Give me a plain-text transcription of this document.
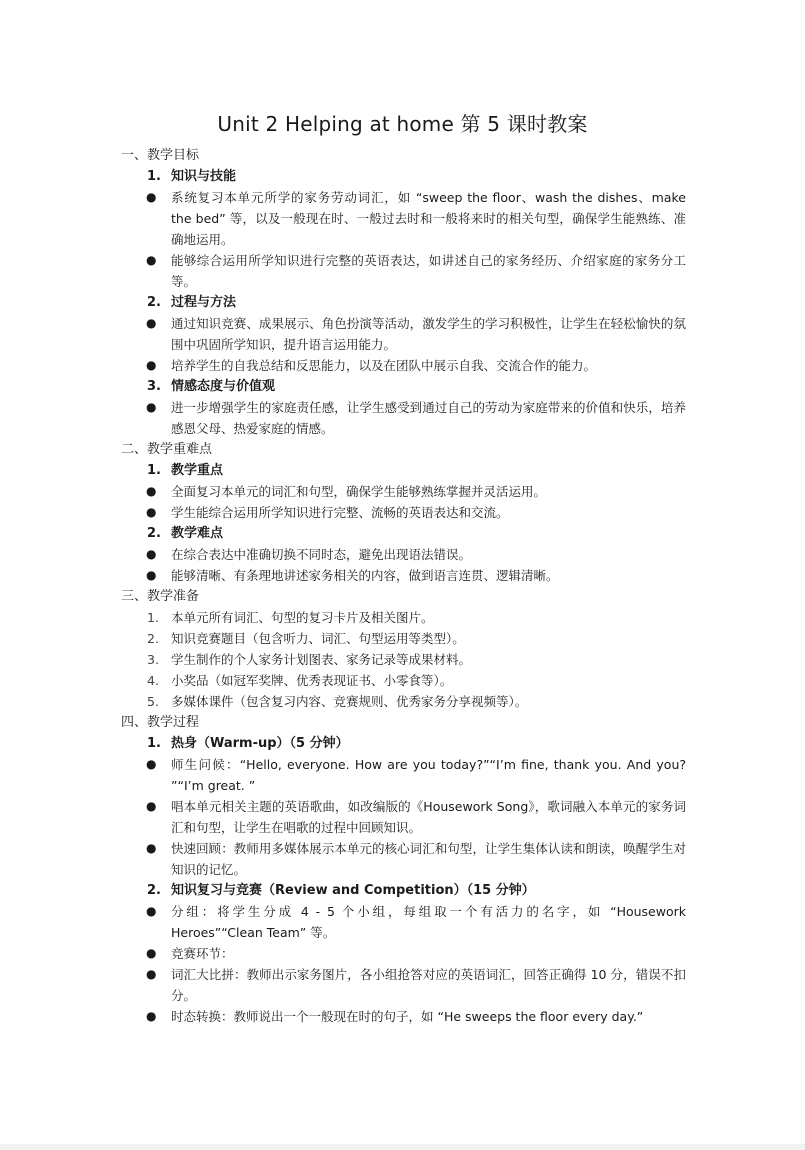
Unit 2 Helping at home 第 5 课时教案
一、教学目标
1. 知识与技能
● 系统复习本单元所学的家务劳动词汇，如 “sweep the floor、wash the dishes、make the bed” 等，以及一般现在时、一般过去时和一般将来时的相关句型，确保学生能熟练、准确地运用。
● 能够综合运用所学知识进行完整的英语表达，如讲述自己的家务经历、介绍家庭的家务分工等。
2. 过程与方法
● 通过知识竞赛、成果展示、角色扮演等活动，激发学生的学习积极性，让学生在轻松愉快的氛围中巩固所学知识，提升语言运用能力。
● 培养学生的自我总结和反思能力，以及在团队中展示自我、交流合作的能力。
3. 情感态度与价值观
● 进一步增强学生的家庭责任感，让学生感受到通过自己的劳动为家庭带来的价值和快乐，培养感恩父母、热爱家庭的情感。
二、教学重难点
1. 教学重点
● 全面复习本单元的词汇和句型，确保学生能够熟练掌握并灵活运用。
● 学生能综合运用所学知识进行完整、流畅的英语表达和交流。
2. 教学难点
● 在综合表达中准确切换不同时态，避免出现语法错误。
● 能够清晰、有条理地讲述家务相关的内容，做到语言连贯、逻辑清晰。
三、教学准备
1. 本单元所有词汇、句型的复习卡片及相关图片。
2. 知识竞赛题目（包含听力、词汇、句型运用等类型）。
3. 学生制作的个人家务计划图表、家务记录等成果材料。
4. 小奖品（如冠军奖牌、优秀表现证书、小零食等）。
5. 多媒体课件（包含复习内容、竞赛规则、优秀家务分享视频等）。
四、教学过程
1. 热身（Warm-up）（5 分钟）
● 师生问候：“Hello, everyone. How are you today?”“I’m fine, thank you. And you? ”“I’m great. ”
● 唱本单元相关主题的英语歌曲，如改编版的《Housework Song》，歌词融入本单元的家务词汇和句型，让学生在唱歌的过程中回顾知识。
● 快速回顾：教师用多媒体展示本单元的核心词汇和句型，让学生集体认读和朗读，唤醒学生对知识的记忆。
2. 知识复习与竞赛（Review and Competition）（15 分钟）
● 分组：将学生分成 4 - 5 个小组，每组取一个有活力的名字，如 “Housework Heroes”“Clean Team” 等。
● 竞赛环节：
● 词汇大比拼：教师出示家务图片，各小组抢答对应的英语词汇，回答正确得 10 分，错误不扣分。
● 时态转换：教师说出一个一般现在时的句子，如 “He sweeps the floor every day.”
